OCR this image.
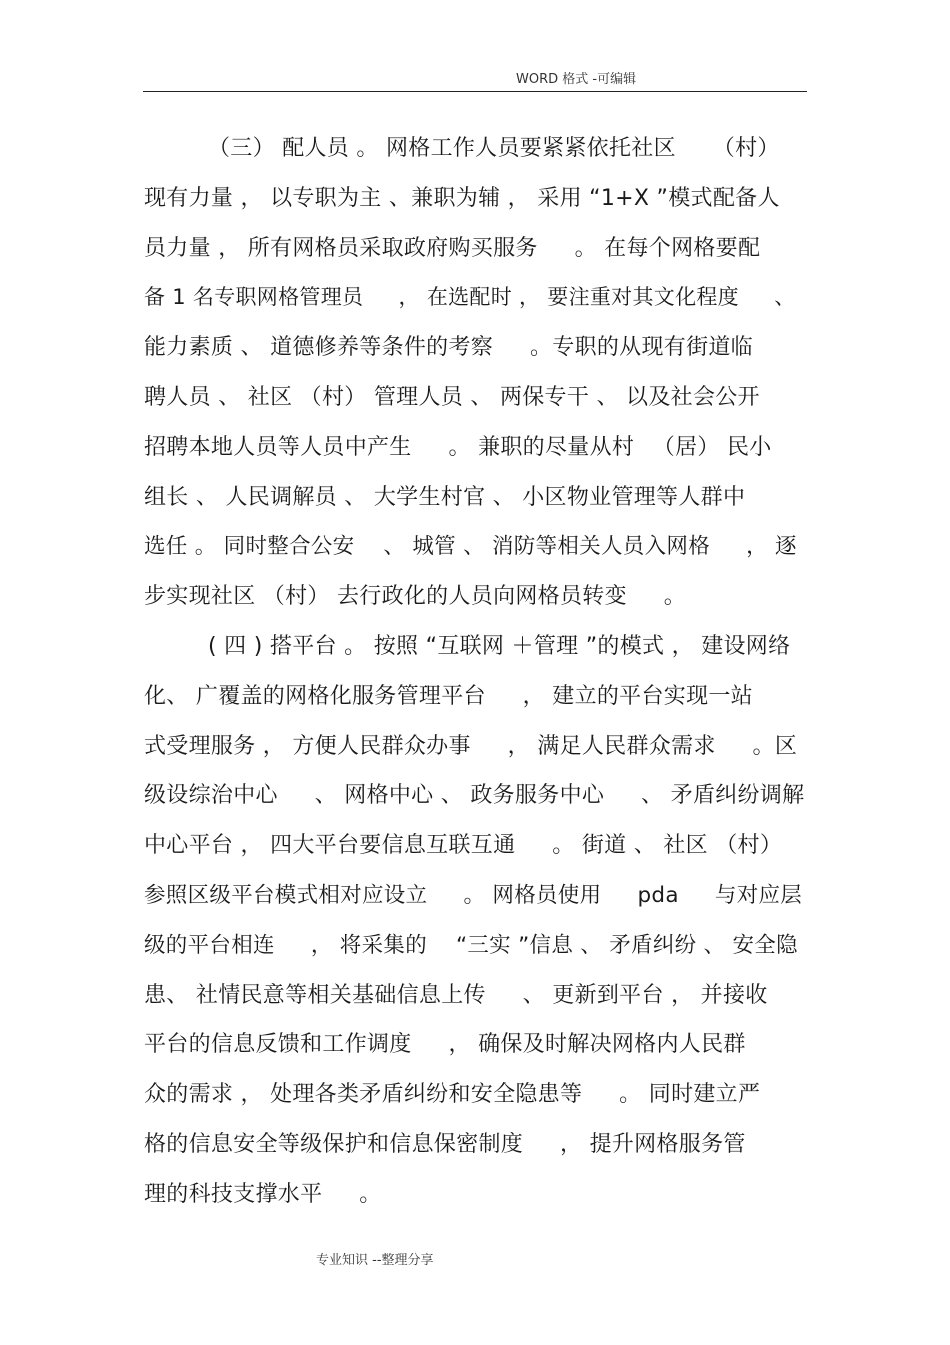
WORD 格式 -可编辑
（三） 配人员 。 网格工作人员要紧紧依托社区 　 （村）
现有力量 ， 以专职为主 、兼职为辅 ， 采用 “1+X ”模式配备人
员力量 ， 所有网格员采取政府购买服务 　 。 在每个网格要配
备 1 名专职网格管理员 　 ， 在选配时 ， 要注重对其文化程度 　 、
能力素质 、 道德修养等条件的考察 　 。专职的从现有街道临
聘人员 、 社区 （村） 管理人员 、 两保专干 、 以及社会公开
招聘本地人员等人员中产生 　 。 兼职的尽量从村 　（居） 民小
组长 、 人民调解员 、 大学生村官 、 小区物业管理等人群中
选任 。 同时整合公安 　、 城管 、 消防等相关人员入网格 　 ， 逐
步实现社区 （村） 去行政化的人员向网格员转变 　 。
( 四 ) 搭平台 。 按照 “互联网 ＋管理 ”的模式 ， 建设网络
化、 广覆盖的网格化服务管理平台 　 ， 建立的平台实现一站
式受理服务 ， 方便人民群众办事 　 ， 满足人民群众需求 　 。区
级设综治中心 　 、 网格中心 、 政务服务中心 　 、 矛盾纠纷调解
中心平台 ， 四大平台要信息互联互通 　 。 街道 、 社区 （村）
参照区级平台模式相对应设立 　 。 网格员使用 　 pda 　 与对应层
级的平台相连 　 ， 将采集的 　“三实 ”信息 、 矛盾纠纷 、 安全隐
患、 社情民意等相关基础信息上传 　 、 更新到平台 ， 并接收
平台的信息反馈和工作调度 　 ， 确保及时解决网格内人民群
众的需求 ， 处理各类矛盾纠纷和安全隐患等 　 。 同时建立严
格的信息安全等级保护和信息保密制度 　 ， 提升网格服务管
理的科技支撑水平 　 。
专业知识 --整理分享
